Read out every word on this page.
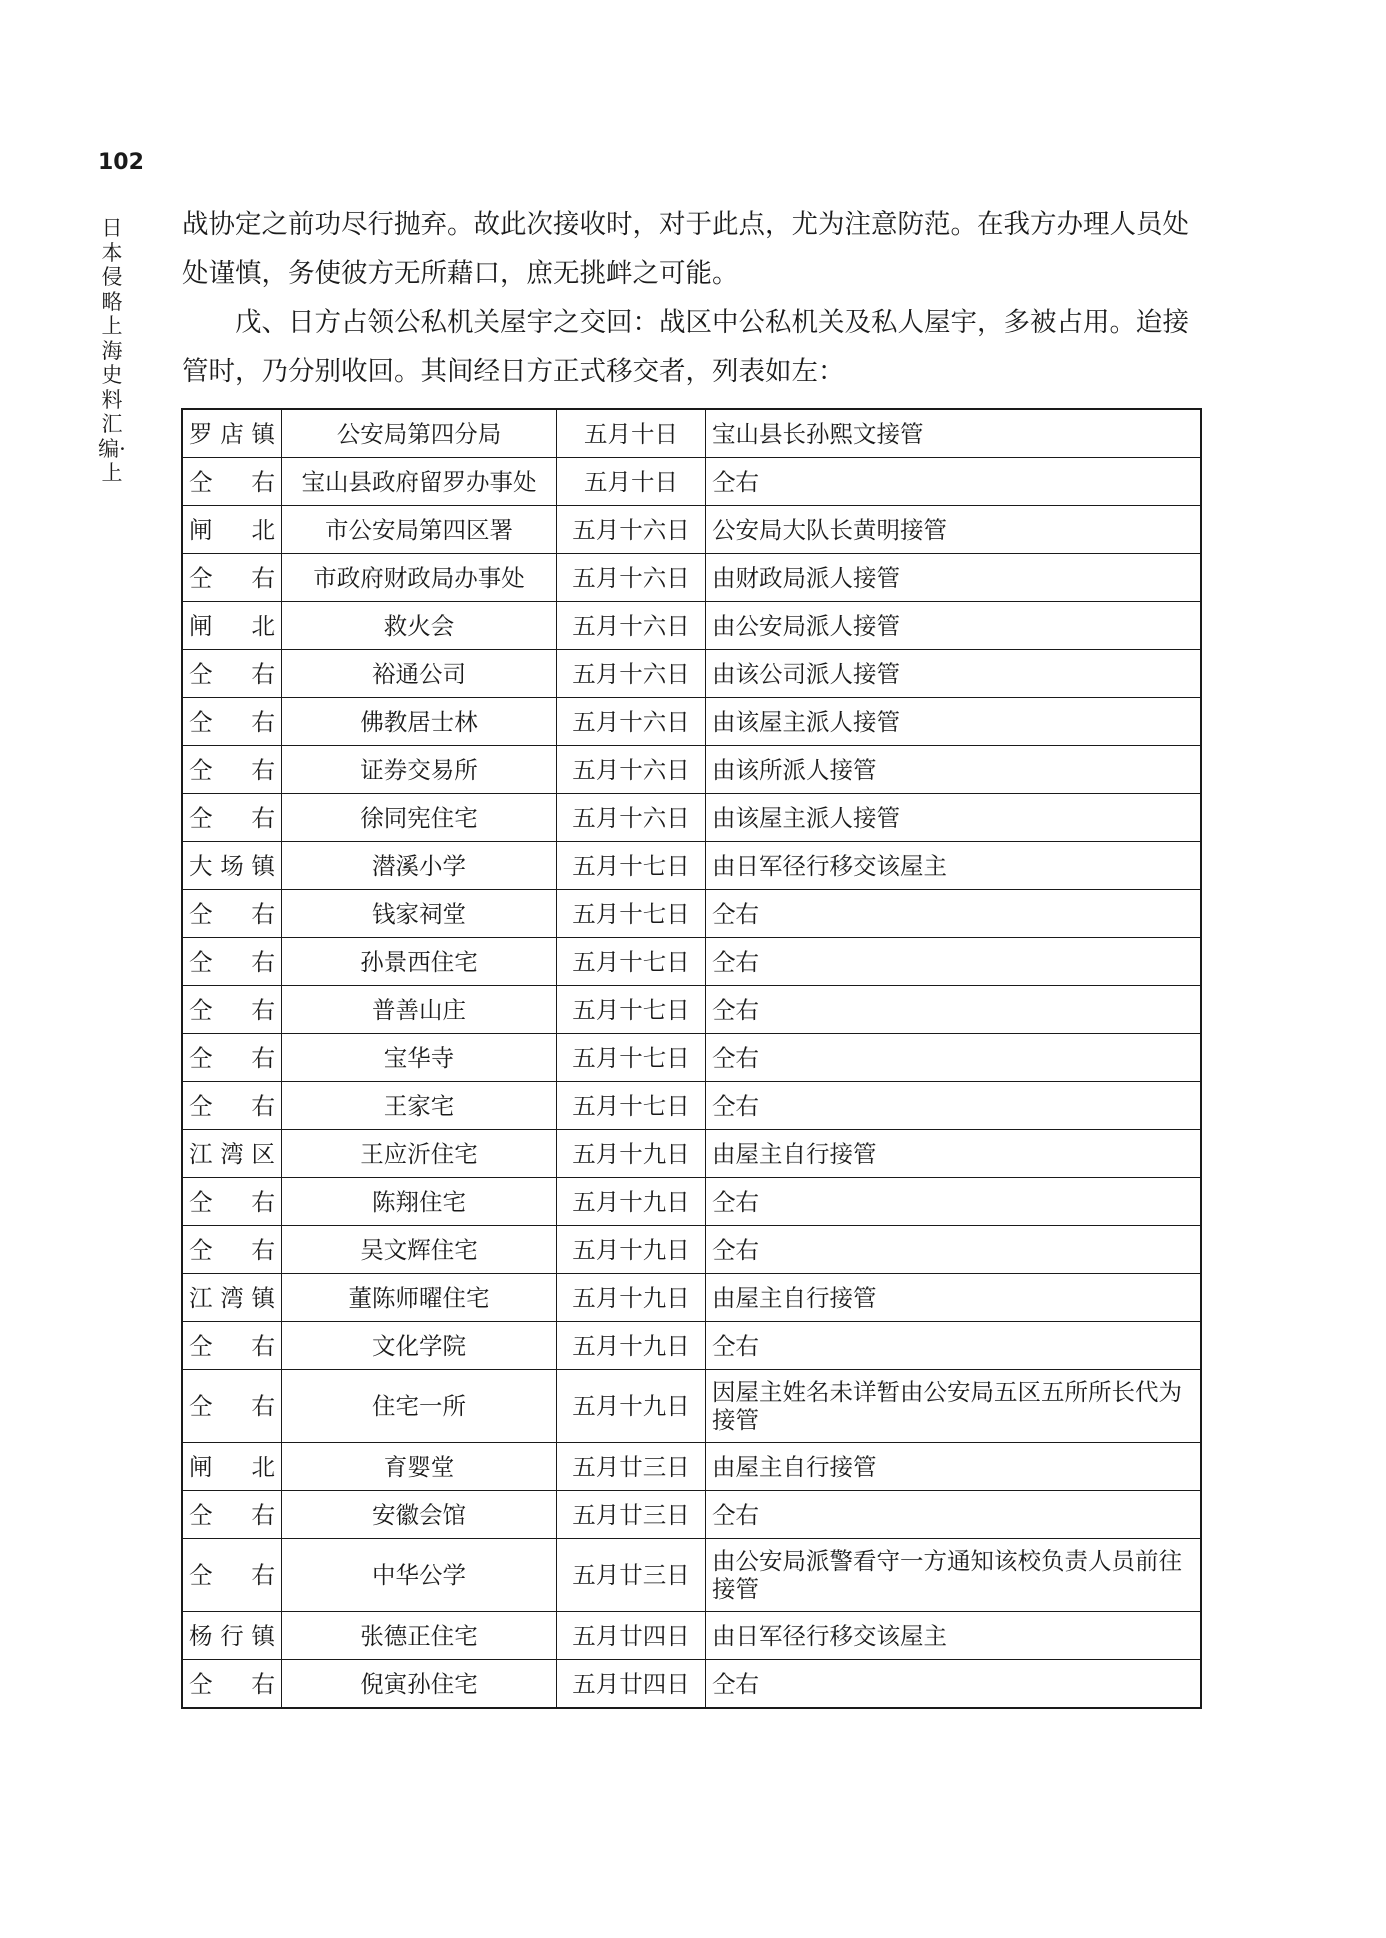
102
日本侵略上海史料汇编·上

战协定之前功尽行抛弃。故此次接收时，对于此点，尤为注意防范。在我方办理人员处处谨慎，务使彼方无所藉口，庶无挑衅之可能。

戊、日方占领公私机关屋宇之交回：战区中公私机关及私人屋宇，多被占用。迨接管时，乃分别收回。其间经日方正式移交者，列表如左：

罗店镇	公安局第四分局	五月十日	宝山县长孙熙文接管
仝右	宝山县政府留罗办事处	五月十日	仝右
闸北	市公安局第四区署	五月十六日	公安局大队长黄明接管
仝右	市政府财政局办事处	五月十六日	由财政局派人接管
闸北	救火会	五月十六日	由公安局派人接管
仝右	裕通公司	五月十六日	由该公司派人接管
仝右	佛教居士林	五月十六日	由该屋主派人接管
仝右	证券交易所	五月十六日	由该所派人接管
仝右	徐同宪住宅	五月十六日	由该屋主派人接管
大场镇	潜溪小学	五月十七日	由日军径行移交该屋主
仝右	钱家祠堂	五月十七日	仝右
仝右	孙景西住宅	五月十七日	仝右
仝右	普善山庄	五月十七日	仝右
仝右	宝华寺	五月十七日	仝右
仝右	王家宅	五月十七日	仝右
江湾区	王应沂住宅	五月十九日	由屋主自行接管
仝右	陈翔住宅	五月十九日	仝右
仝右	吴文辉住宅	五月十九日	仝右
江湾镇	董陈师曜住宅	五月十九日	由屋主自行接管
仝右	文化学院	五月十九日	仝右
仝右	住宅一所	五月十九日	因屋主姓名未详暂由公安局五区五所所长代为接管
闸北	育婴堂	五月廿三日	由屋主自行接管
仝右	安徽会馆	五月廿三日	仝右
仝右	中华公学	五月廿三日	由公安局派警看守一方通知该校负责人员前往接管
杨行镇	张德正住宅	五月廿四日	由日军径行移交该屋主
仝右	倪寅孙住宅	五月廿四日	仝右
